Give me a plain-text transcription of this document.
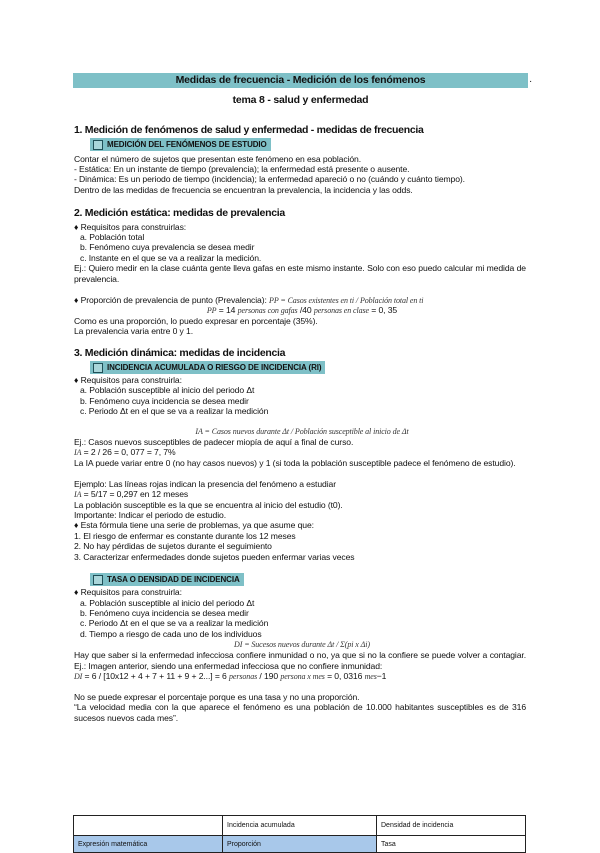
.
Medidas de frecuencia - Medición de los fenómenos
tema 8 - salud y enfermedad
1. Medición de fenómenos de salud y enfermedad - medidas de frecuencia
MEDICIÓN DEL FENÓMENOS DE ESTUDIO
Contar el número de sujetos que presentan este fenómeno en esa población.
- Estática: En un instante de tiempo (prevalencia); la enfermedad está presente o ausente.
- Dinámica: Es un periodo de tiempo (incidencia); la enfermedad apareció o no (cuándo y cuánto tiempo).
Dentro de las medidas de frecuencia se encuentran la prevalencia, la incidencia y las odds.
2. Medición estática: medidas de prevalencia
♦ Requisitos para construirlas:
a. Población total
b. Fenómeno cuya prevalencia se desea medir
c. Instante en el que se va a realizar la medición.
Ej.: Quiero medir en la clase cuánta gente lleva gafas en este mismo instante. Solo con eso puedo calcular mi medida de prevalencia.
♦ Proporción de prevalencia de punto (Prevalencia): PP = Casos existentes en ti / Población total en ti
PP = 14 personas con gafas /40 personas en clase = 0, 35
Como es una proporción, lo puedo expresar en porcentaje (35%).
La prevalencia varia entre 0 y 1.
3. Medición dinámica: medidas de incidencia
INCIDENCIA ACUMULADA O RIESGO DE INCIDENCIA (RI)
♦ Requisitos para construirla:
a. Población susceptible al inicio del periodo Δt
b. Fenómeno cuya incidencia se desea medir
c. Periodo Δt en el que se va a realizar la medición
IA = Casos nuevos durante Δt / Población susceptible al inicio de Δt
Ej.: Casos nuevos susceptibles de padecer miopía de aquí a final de curso.
IA = 2 / 26 = 0, 077 = 7, 7%
La IA puede variar entre 0 (no hay casos nuevos) y 1 (si toda la población susceptible padece el fenómeno de estudio).
Ejemplo: Las líneas rojas indican la presencia del fenómeno a estudiar
IA = 5/17 = 0,297 en 12 meses
La población susceptible es la que se encuentra al inicio del estudio (t0).
Importante: Indicar el periodo de estudio.
♦ Esta fórmula tiene una serie de problemas, ya que asume que:
1. El riesgo de enfermar es constante durante los 12 meses
2. No hay pérdidas de sujetos durante el seguimiento
3. Caracterizar enfermedades donde sujetos pueden enfermar varias veces
TASA O DENSIDAD DE INCIDENCIA
♦ Requisitos para construirla:
a. Población susceptible al inicio del periodo Δt
b. Fenómeno cuya incidencia se desea medir
c. Periodo Δt en el que se va a realizar la medición
d. Tiempo a riesgo de cada uno de los individuos
DI = Sucesos nuevos durante Δt / Σ(pi x Δi)
Hay que saber si la enfermedad infecciosa confiere inmunidad o no, ya que si no la confiere se puede volver a contagiar. Ej.: Imagen anterior, siendo una enfermedad infecciosa que no confiere inmunidad:
DI = 6 / [10x12 + 4 + 7 + 11 + 9 + 2...] = 6 personas / 190 persona x mes = 0, 0316 mes−1
No se puede expresar el porcentaje porque es una tasa y no una proporción.
“La velocidad media con la que aparece el fenómeno es una población de 10.000 habitantes susceptibles es de 316 sucesos nuevos cada mes”.
	Incidencia acumulada	Densidad de incidencia
Expresión matemática	Proporción	Tasa
